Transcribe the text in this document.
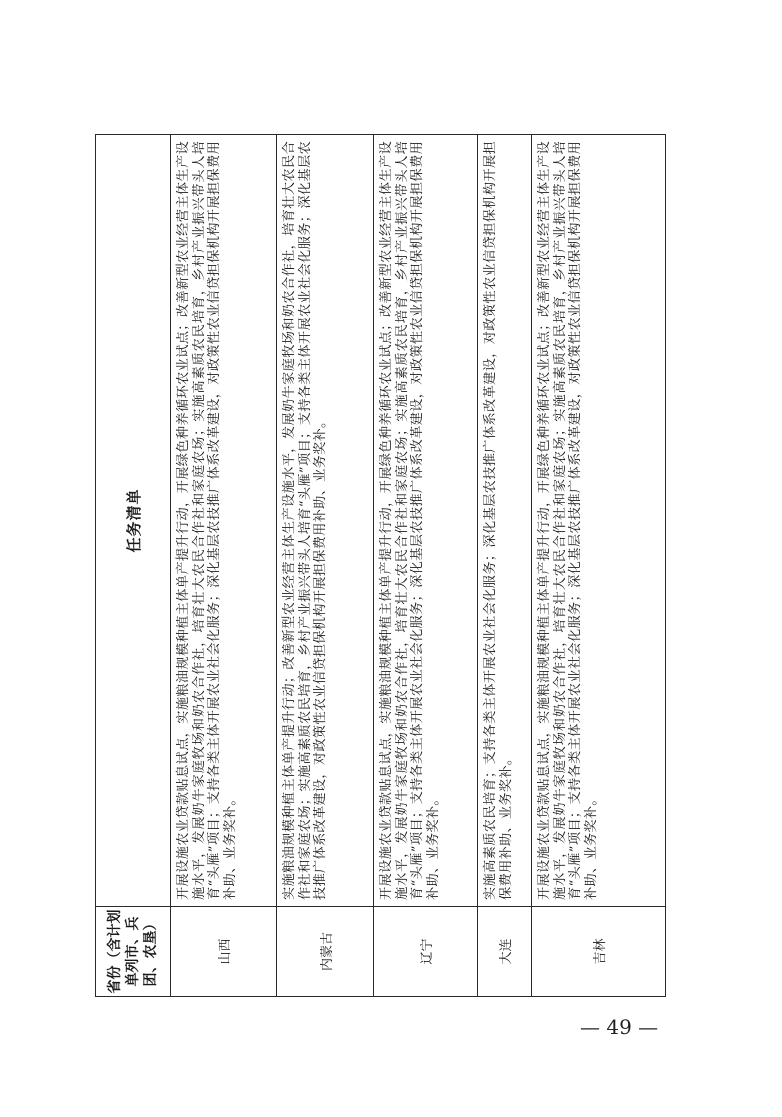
省份（含计划单列市、兵团、农垦）	任务清单
山西	开展设施农业贷款贴息试点，实施粮油规模种植主体单产提升行动，开展绿色种养循环农业试点；改善新型农业经营主体生产设施水平，发展奶牛家庭牧场和奶农合作社，培育壮大农民合作社和家庭农场；实施高素质农民培育，乡村产业振兴带头人培育“头雁”项目；支持各类主体开展农业社会化服务；深化基层农技推广体系改革建设，对政策性农业信贷担保机构开展担保费用补助、业务奖补。
内蒙古	实施粮油规模种植主体单产提升行动；改善新型农业经营主体生产设施水平，发展奶牛家庭牧场和奶农合作社，培育壮大农民合作社和家庭农场；实施高素质农民培育，乡村产业振兴带头人培育“头雁”项目；支持各类主体开展农业社会化服务；深化基层农技推广体系改革建设，对政策性农业信贷担保机构开展担保费用补助、业务奖补。
辽宁	开展设施农业贷款贴息试点，实施粮油规模种植主体单产提升行动，开展绿色种养循环农业试点；改善新型农业经营主体生产设施水平，发展奶牛家庭牧场和奶农合作社，培育壮大农民合作社和家庭农场；实施高素质农民培育，乡村产业振兴带头人培育“头雁”项目；支持各类主体开展农业社会化服务；深化基层农技推广体系改革建设，对政策性农业信贷担保机构开展担保费用补助、业务奖补。
大连	实施高素质农民培育；支持各类主体开展农业社会化服务；深化基层农技推广体系改革建设，对政策性农业信贷担保机构开展担保费用补助、业务奖补。
吉林	开展设施农业贷款贴息试点，实施粮油规模种植主体单产提升行动，开展绿色种养循环农业试点；改善新型农业经营主体生产设施水平，发展奶牛家庭牧场和奶农合作社，培育壮大农民合作社和家庭农场；实施高素质农民培育，乡村产业振兴带头人培育“头雁”项目；支持各类主体开展农业社会化服务；深化基层农技推广体系改革建设，对政策性农业信贷担保机构开展担保费用补助、业务奖补。
— 49 —
